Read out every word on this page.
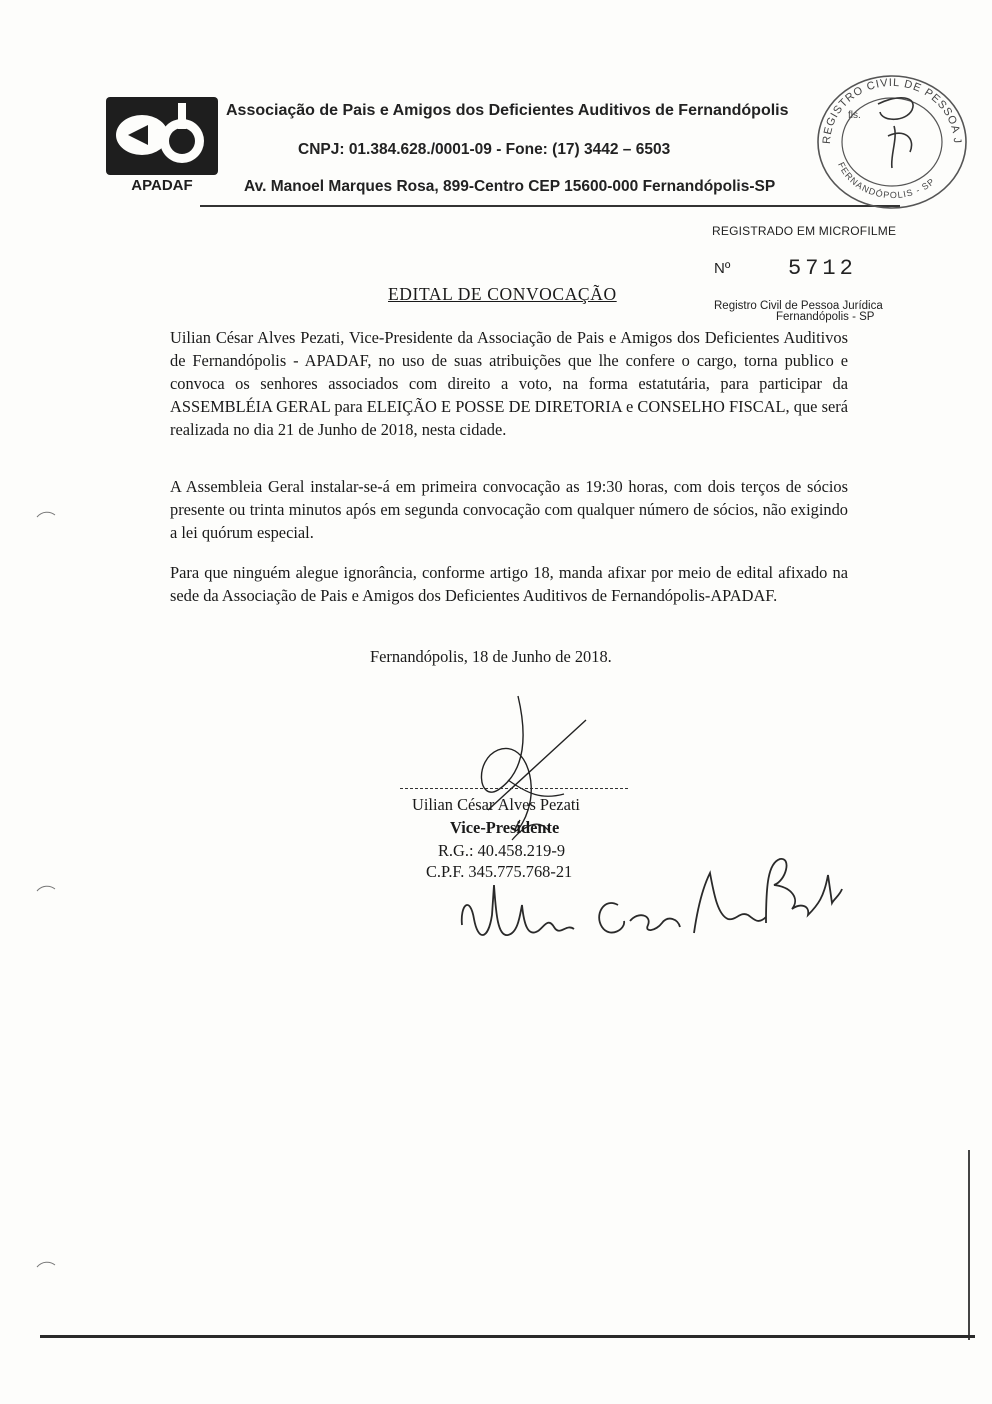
APADAF
Associação de Pais e Amigos dos Deficientes Auditivos de Fernandópolis
CNPJ: 01.384.628./0001-09 - Fone: (17) 3442 – 6503
Av. Manoel Marques Rosa, 899-Centro CEP 15600-000 Fernandópolis-SP
REGISTRO CIVIL DE PESSOA J
FERNANDÓPOLIS - SP
fls.
REGISTRADO EM MICROFILME
Nº	5712
Registro Civil de Pessoa Jurídica
Fernandópolis - SP
EDITAL DE CONVOCAÇÃO
Uilian César Alves Pezati, Vice-Presidente da Associação de Pais e Amigos dos Deficientes Auditivos de Fernandópolis - APADAF, no uso de suas atribuições que lhe confere o cargo, torna publico e convoca os senhores associados com direito a voto, na forma estatutária, para participar da ASSEMBLÉIA GERAL para ELEIÇÃO E POSSE DE DIRETORIA e CONSELHO FISCAL, que será realizada no dia 21 de Junho de 2018, nesta cidade.
A Assembleia Geral instalar-se-á em primeira convocação as 19:30 horas, com dois terços de sócios presente ou trinta minutos após em segunda convocação com qualquer número de sócios, não exigindo a lei quórum especial.
Para que ninguém alegue ignorância, conforme artigo 18, manda afixar por meio de edital afixado na sede da Associação de Pais e Amigos dos Deficientes Auditivos de Fernandópolis-APADAF.
Fernandópolis, 18 de Junho de 2018.
Uilian César Alves Pezati
Vice-Presidente
R.G.: 40.458.219-9
C.P.F. 345.775.768-21
